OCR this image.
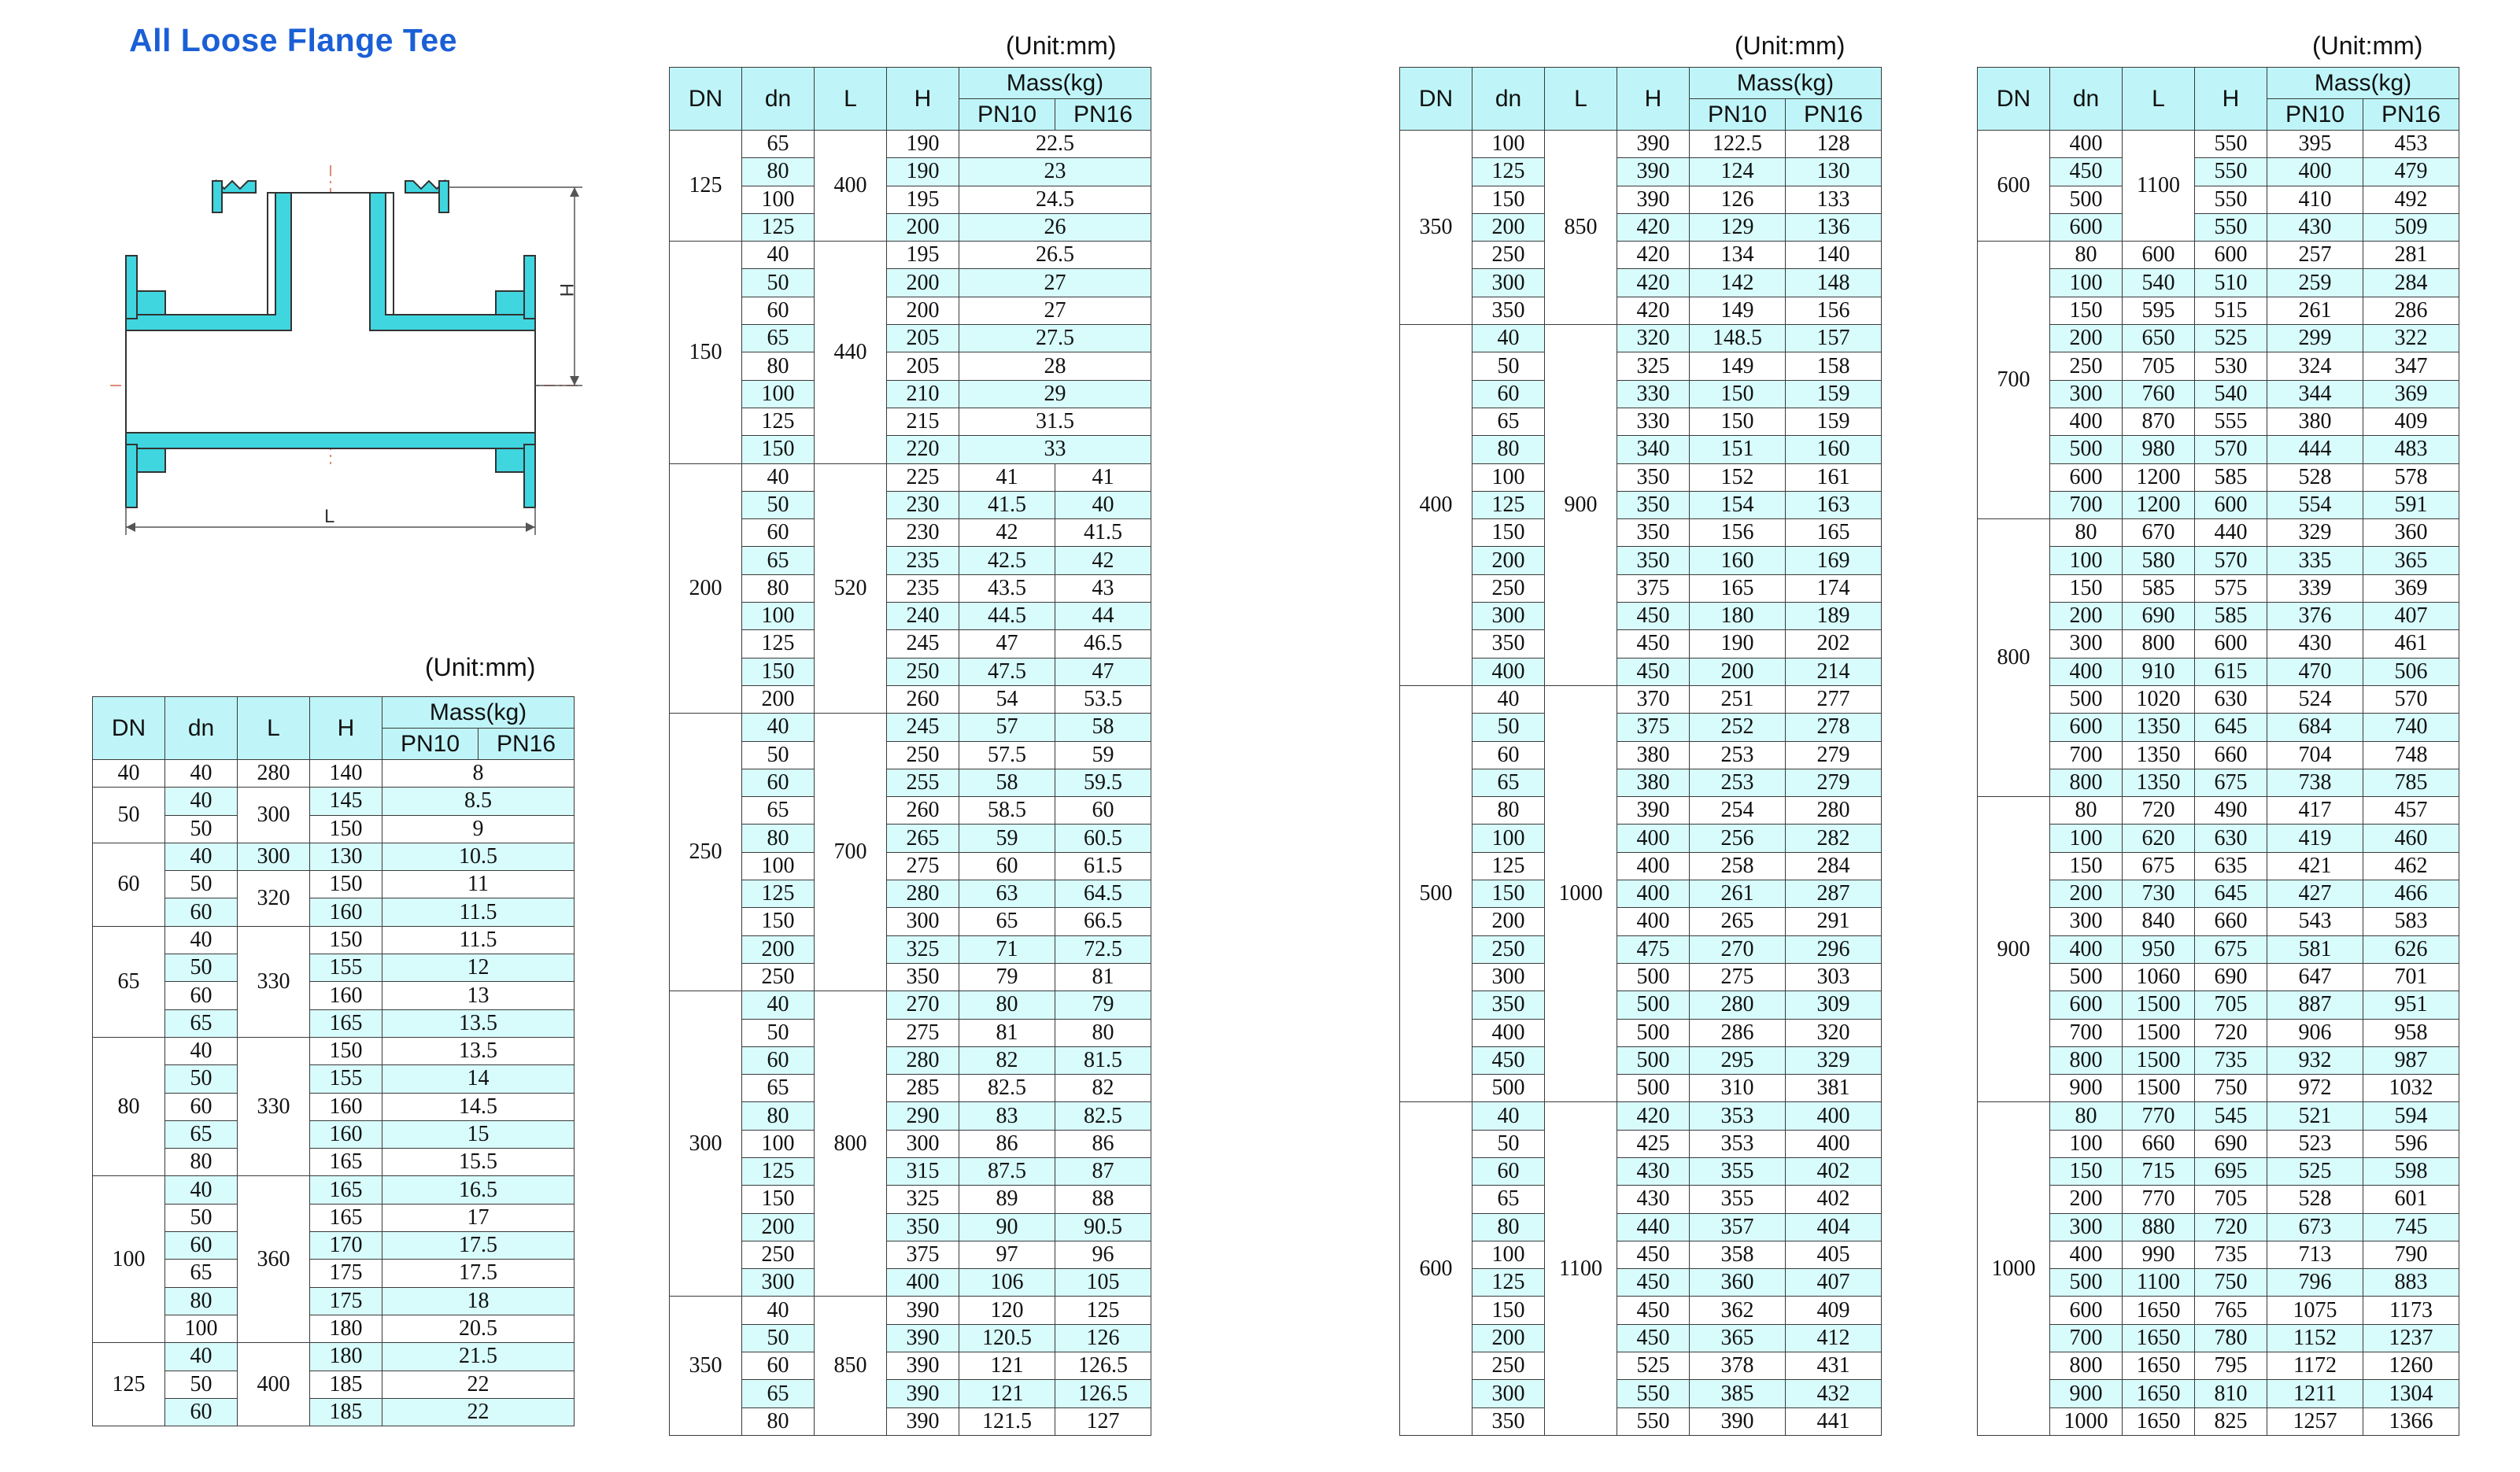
All Loose Flange Tee
H
L
(Unit:mm)
(Unit:mm)	(Unit:mm)	(Unit:mm)
DN	dn	L	H	Mass(kg)	
				PN10	PN16
40	40	280	140	8	
50	40	300	145	8.5	
	50		150	9	
60	40	300	130	10.5	
	50	320	150	11	
	60		160	11.5	
65	40	330	150	11.5	
	50		155	12	
	60		160	13	
	65		165	13.5	
80	40	330	150	13.5	
	50		155	14	
	60		160	14.5	
	65		160	15	
	80		165	15.5	
100	40	360	165	16.5	
	50		165	17	
	60		170	17.5	
	65		175	17.5	
	80		175	18	
	100		180	20.5	
125	40	400	180	21.5	
	50		185	22	
	60		185	22	
DN	dn	L	H	Mass(kg)	
				PN10	PN16
125	65	400	190	22.5	
	80		190	23	
	100		195	24.5	
	125		200	26	
150	40	440	195	26.5	
	50		200	27	
	60		200	27	
	65		205	27.5	
	80		205	28	
	100		210	29	
	125		215	31.5	
	150		220	33	
200	40	520	225	41	41
	50		230	41.5	40
	60		230	42	41.5
	65		235	42.5	42
	80		235	43.5	43
	100		240	44.5	44
	125		245	47	46.5
	150		250	47.5	47
	200		260	54	53.5
250	40	700	245	57	58
	50		250	57.5	59
	60		255	58	59.5
	65		260	58.5	60
	80		265	59	60.5
	100		275	60	61.5
	125		280	63	64.5
	150		300	65	66.5
	200		325	71	72.5
	250		350	79	81
300	40	800	270	80	79
	50		275	81	80
	60		280	82	81.5
	65		285	82.5	82
	80		290	83	82.5
	100		300	86	86
	125		315	87.5	87
	150		325	89	88
	200		350	90	90.5
	250		375	97	96
	300		400	106	105
350	40	850	390	120	125
	50		390	120.5	126
	60		390	121	126.5
	65		390	121	126.5
	80		390	121.5	127
DN	dn	L	H	Mass(kg)	
				PN10	PN16
350	100	850	390	122.5	128
	125		390	124	130
	150		390	126	133
	200		420	129	136
	250		420	134	140
	300		420	142	148
	350		420	149	156
400	40	900	320	148.5	157
	50		325	149	158
	60		330	150	159
	65		330	150	159
	80		340	151	160
	100		350	152	161
	125		350	154	163
	150		350	156	165
	200		350	160	169
	250		375	165	174
	300		450	180	189
	350		450	190	202
	400		450	200	214
500	40	1000	370	251	277
	50		375	252	278
	60		380	253	279
	65		380	253	279
	80		390	254	280
	100		400	256	282
	125		400	258	284
	150		400	261	287
	200		400	265	291
	250		475	270	296
	300		500	275	303
	350		500	280	309
	400		500	286	320
	450		500	295	329
	500		500	310	381
600	40	1100	420	353	400
	50		425	353	400
	60		430	355	402
	65		430	355	402
	80		440	357	404
	100		450	358	405
	125		450	360	407
	150		450	362	409
	200		450	365	412
	250		525	378	431
	300		550	385	432
	350		550	390	441
DN	dn	L	H	Mass(kg)	
				PN10	PN16
600	400	1100	550	395	453
	450		550	400	479
	500		550	410	492
	600		550	430	509
700	80	600	600	257	281
	100	540	510	259	284
	150	595	515	261	286
	200	650	525	299	322
	250	705	530	324	347
	300	760	540	344	369
	400	870	555	380	409
	500	980	570	444	483
	600	1200	585	528	578
	700	1200	600	554	591
800	80	670	440	329	360
	100	580	570	335	365
	150	585	575	339	369
	200	690	585	376	407
	300	800	600	430	461
	400	910	615	470	506
	500	1020	630	524	570
	600	1350	645	684	740
	700	1350	660	704	748
	800	1350	675	738	785
900	80	720	490	417	457
	100	620	630	419	460
	150	675	635	421	462
	200	730	645	427	466
	300	840	660	543	583
	400	950	675	581	626
	500	1060	690	647	701
	600	1500	705	887	951
	700	1500	720	906	958
	800	1500	735	932	987
	900	1500	750	972	1032
1000	80	770	545	521	594
	100	660	690	523	596
	150	715	695	525	598
	200	770	705	528	601
	300	880	720	673	745
	400	990	735	713	790
	500	1100	750	796	883
	600	1650	765	1075	1173
	700	1650	780	1152	1237
	800	1650	795	1172	1260
	900	1650	810	1211	1304
	1000	1650	825	1257	1366
